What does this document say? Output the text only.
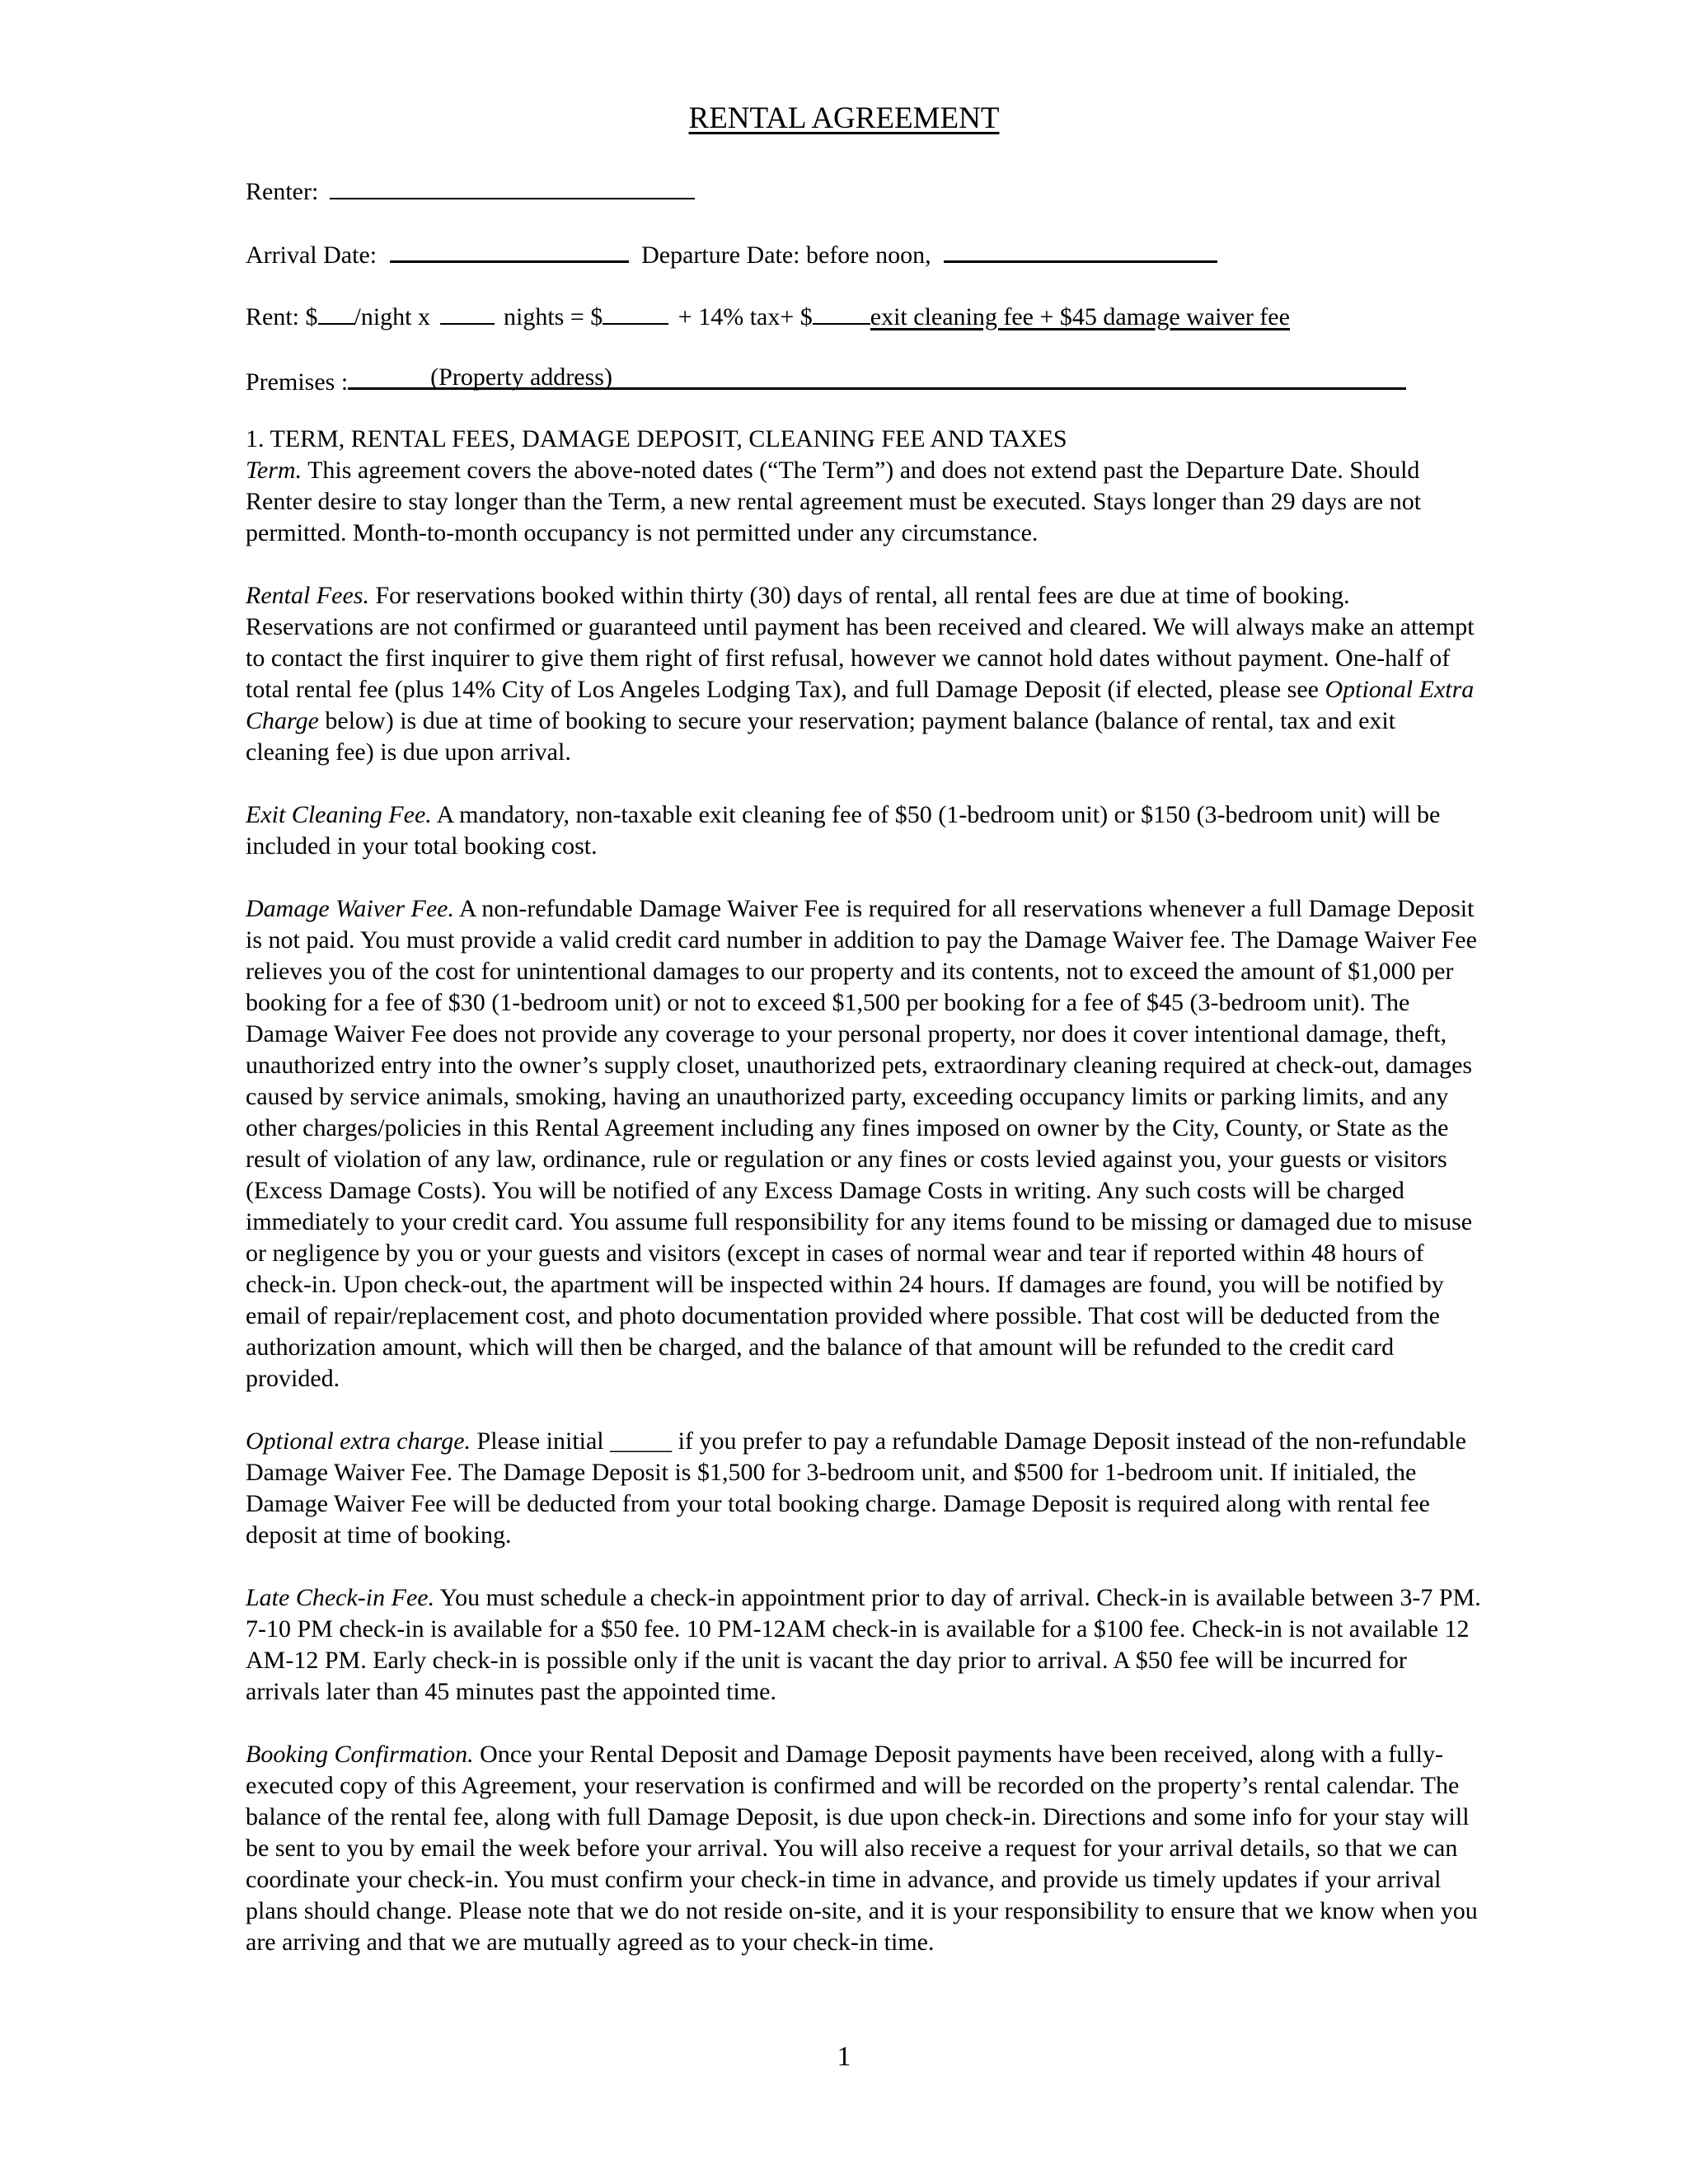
RENTAL AGREEMENT
Renter:
Arrival Date:	Departure Date: before noon,
Rent: $ /night x	nights = $	+ 14% tax+ $ exit cleaning fee + $45 damage waiver fee
Premises :	(Property address)

1. TERM, RENTAL FEES, DAMAGE DEPOSIT, CLEANING FEE AND TAXES

Term. This agreement covers the above-noted dates (“The Term”) and does not extend past the Departure Date. Should Renter desire to stay longer than the Term, a new rental agreement must be executed. Stays longer than 29 days are not permitted. Month-to-month occupancy is not permitted under any circumstance.

Rental Fees. For reservations booked within thirty (30) days of rental, all rental fees are due at time of booking. Reservations are not confirmed or guaranteed until payment has been received and cleared. We will always make an attempt to contact the first inquirer to give them right of first refusal, however we cannot hold dates without payment. One-half of total rental fee (plus 14% City of Los Angeles Lodging Tax), and full Damage Deposit (if elected, please see Optional Extra Charge below) is due at time of booking to secure your reservation; payment balance (balance of rental, tax and exit cleaning fee) is due upon arrival.

Exit Cleaning Fee. A mandatory, non-taxable exit cleaning fee of $50 (1-bedroom unit) or $150 (3-bedroom unit) will be included in your total booking cost.

Damage Waiver Fee. A non-refundable Damage Waiver Fee is required for all reservations whenever a full Damage Deposit is not paid. You must provide a valid credit card number in addition to pay the Damage Waiver fee. The Damage Waiver Fee relieves you of the cost for unintentional damages to our property and its contents, not to exceed the amount of $1,000 per booking for a fee of $30 (1-bedroom unit) or not to exceed $1,500 per booking for a fee of $45 (3-bedroom unit). The Damage Waiver Fee does not provide any coverage to your personal property, nor does it cover intentional damage, theft, unauthorized entry into the owner’s supply closet, unauthorized pets, extraordinary cleaning required at check-out, damages caused by service animals, smoking, having an unauthorized party, exceeding occupancy limits or parking limits, and any other charges/policies in this Rental Agreement including any fines imposed on owner by the City, County, or State as the result of violation of any law, ordinance, rule or regulation or any fines or costs levied against you, your guests or visitors (Excess Damage Costs). You will be notified of any Excess Damage Costs in writing. Any such costs will be charged immediately to your credit card. You assume full responsibility for any items found to be missing or damaged due to misuse or negligence by you or your guests and visitors (except in cases of normal wear and tear if reported within 48 hours of check-in. Upon check-out, the apartment will be inspected within 24 hours. If damages are found, you will be notified by email of repair/replacement cost, and photo documentation provided where possible. That cost will be deducted from the authorization amount, which will then be charged, and the balance of that amount will be refunded to the credit card provided.

Optional extra charge. Please initial _____ if you prefer to pay a refundable Damage Deposit instead of the non-refundable Damage Waiver Fee. The Damage Deposit is $1,500 for 3-bedroom unit, and $500 for 1-bedroom unit. If initialed, the Damage Waiver Fee will be deducted from your total booking charge. Damage Deposit is required along with rental fee deposit at time of booking.

Late Check-in Fee. You must schedule a check-in appointment prior to day of arrival. Check-in is available between 3-7 PM. 7-10 PM check-in is available for a $50 fee. 10 PM-12AM check-in is available for a $100 fee. Check-in is not available 12 AM-12 PM. Early check-in is possible only if the unit is vacant the day prior to arrival. A $50 fee will be incurred for arrivals later than 45 minutes past the appointed time.

Booking Confirmation. Once your Rental Deposit and Damage Deposit payments have been received, along with a fully-executed copy of this Agreement, your reservation is confirmed and will be recorded on the property’s rental calendar. The balance of the rental fee, along with full Damage Deposit, is due upon check-in. Directions and some info for your stay will be sent to you by email the week before your arrival. You will also receive a request for your arrival details, so that we can coordinate your check-in. You must confirm your check-in time in advance, and provide us timely updates if your arrival plans should change. Please note that we do not reside on-site, and it is your responsibility to ensure that we know when you are arriving and that we are mutually agreed as to your check-in time.

1
